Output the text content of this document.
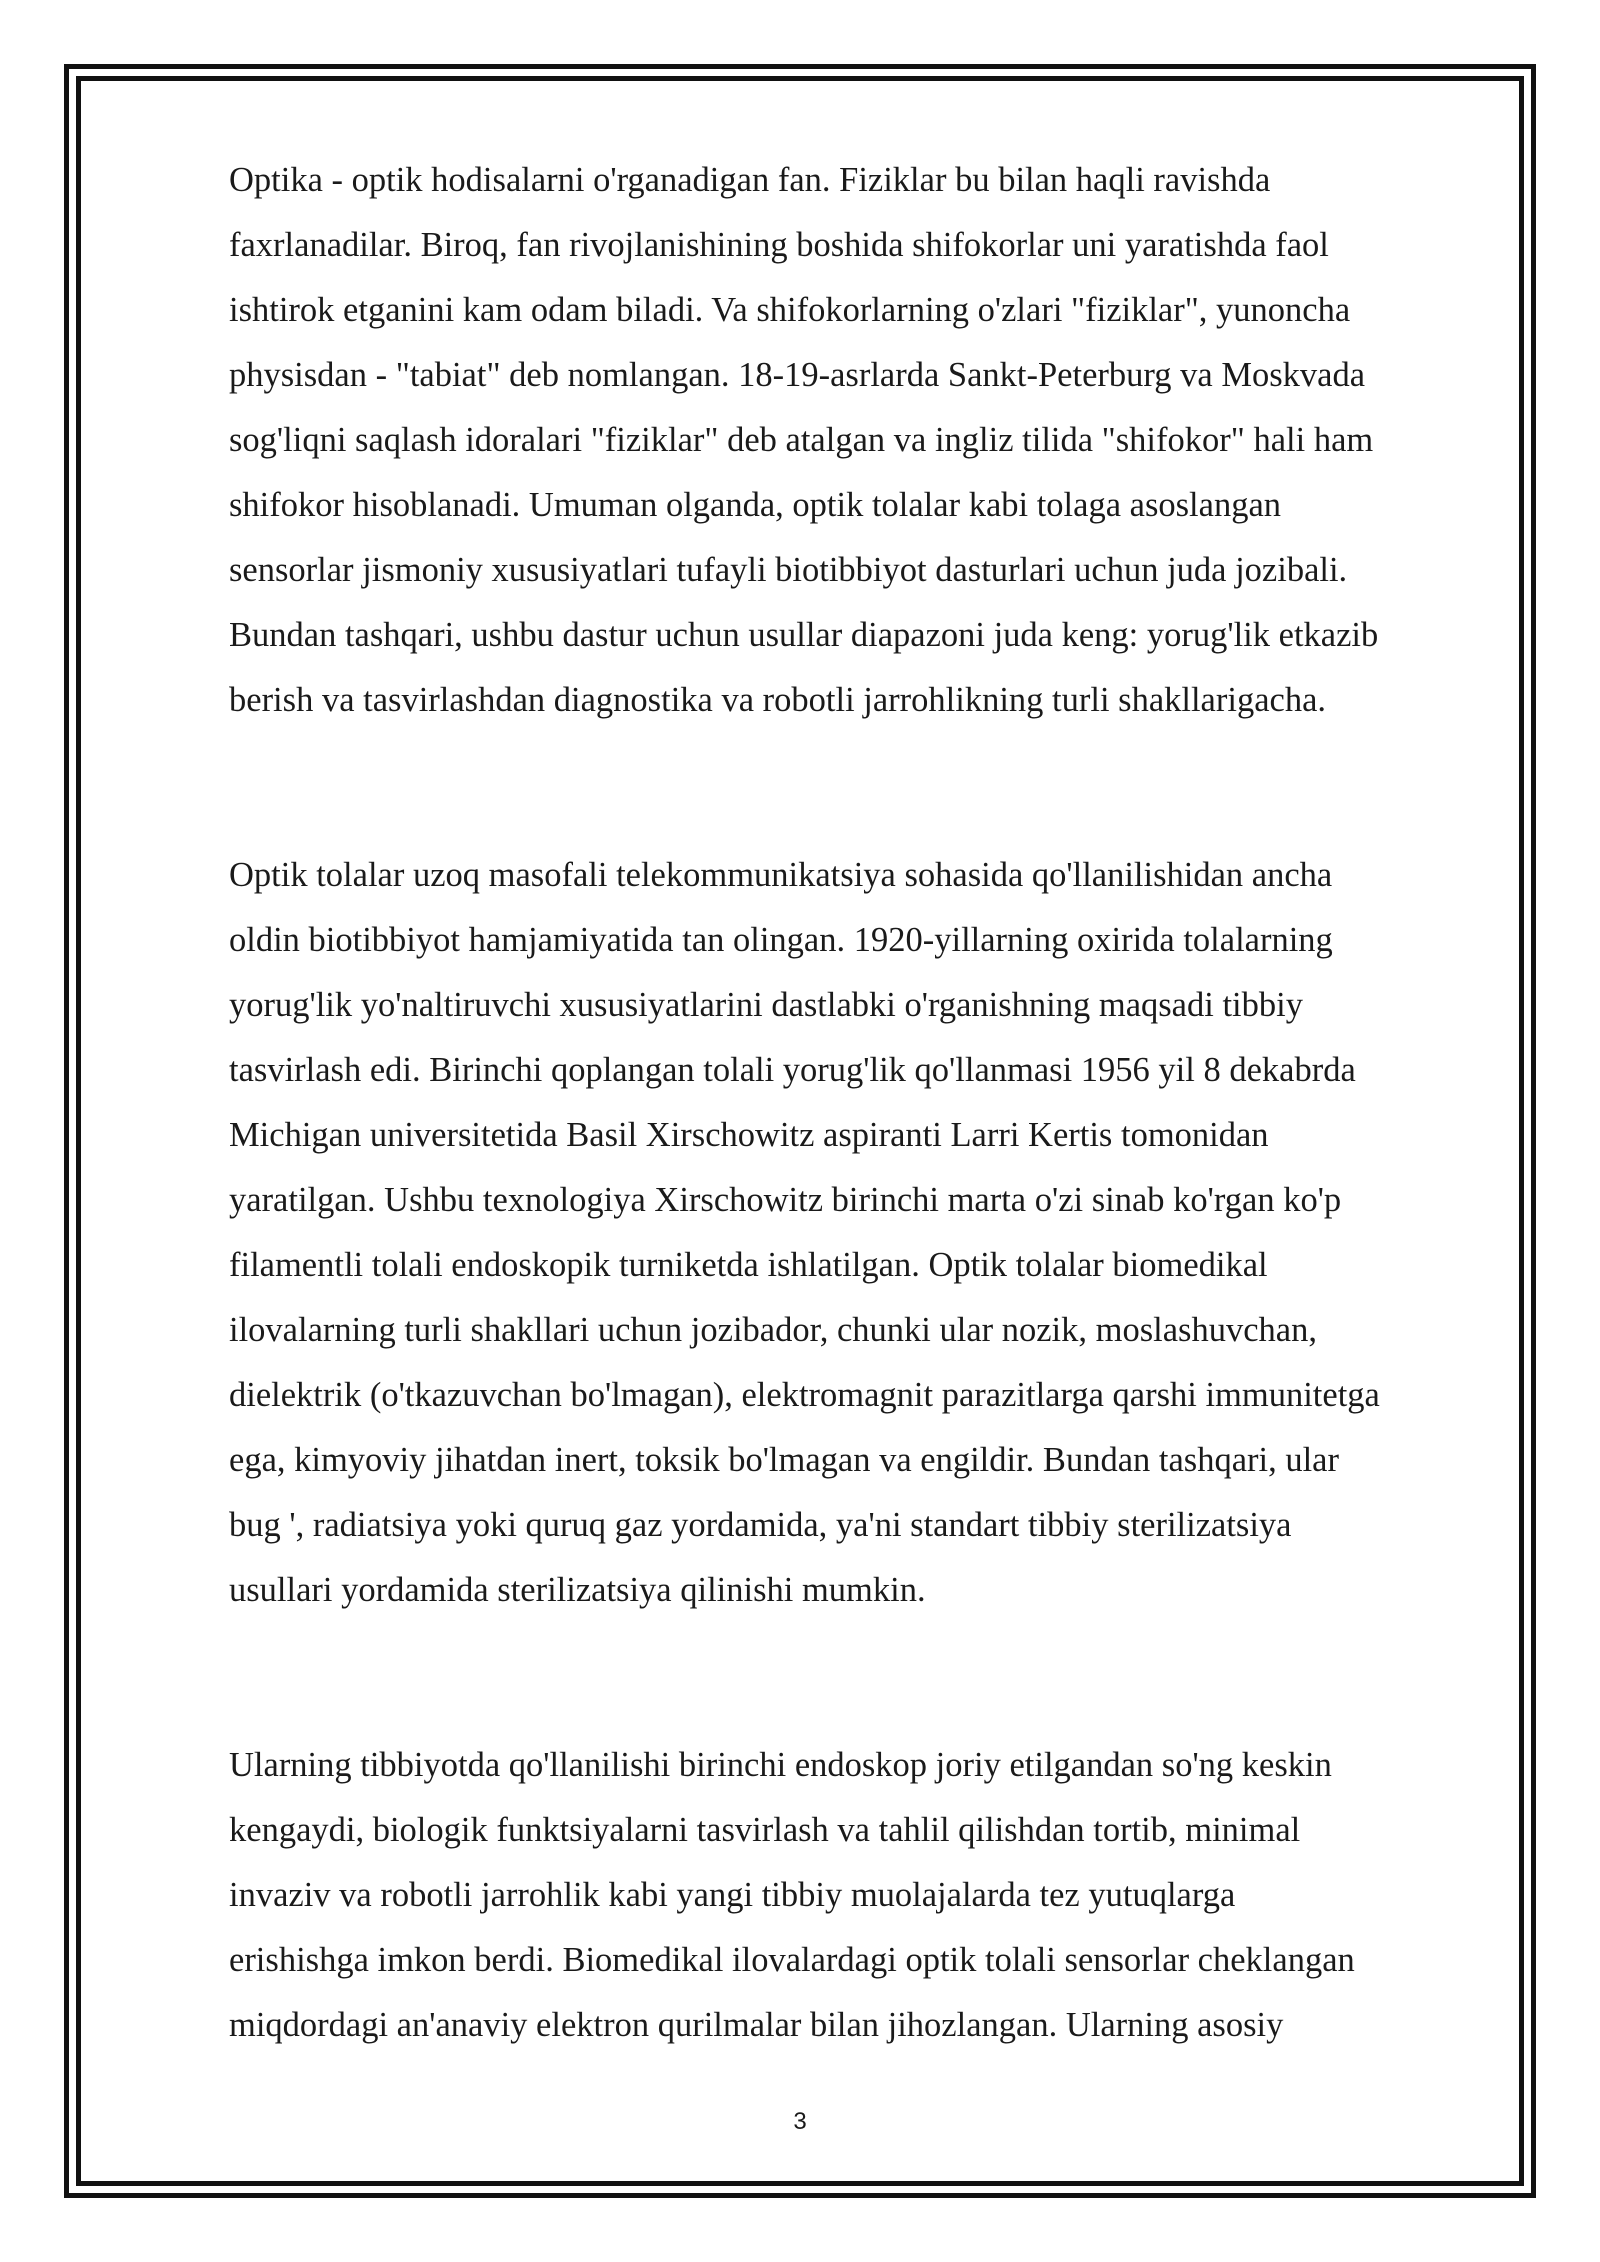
Optika - optik hodisalarni o'rganadigan fan. Fiziklar bu bilan haqli ravishda
faxrlanadilar. Biroq, fan rivojlanishining boshida shifokorlar uni yaratishda faol
ishtirok etganini kam odam biladi. Va shifokorlarning o'zlari "fiziklar", yunoncha
physisdan - "tabiat" deb nomlangan. 18-19-asrlarda Sankt-Peterburg va Moskvada
sog'liqni saqlash idoralari "fiziklar" deb atalgan va ingliz tilida "shifokor" hali ham
shifokor hisoblanadi. Umuman olganda, optik tolalar kabi tolaga asoslangan
sensorlar jismoniy xususiyatlari tufayli biotibbiyot dasturlari uchun juda jozibali.
Bundan tashqari, ushbu dastur uchun usullar diapazoni juda keng: yorug'lik etkazib
berish va tasvirlashdan diagnostika va robotli jarrohlikning turli shakllarigacha.

Optik tolalar uzoq masofali telekommunikatsiya sohasida qo'llanilishidan ancha
oldin biotibbiyot hamjamiyatida tan olingan. 1920-yillarning oxirida tolalarning
yorug'lik yo'naltiruvchi xususiyatlarini dastlabki o'rganishning maqsadi tibbiy
tasvirlash edi. Birinchi qoplangan tolali yorug'lik qo'llanmasi 1956 yil 8 dekabrda
Michigan universitetida Basil Xirschowitz aspiranti Larri Kertis tomonidan
yaratilgan. Ushbu texnologiya Xirschowitz birinchi marta o'zi sinab ko'rgan ko'p
filamentli tolali endoskopik turniketda ishlatilgan. Optik tolalar biomedikal
ilovalarning turli shakllari uchun jozibador, chunki ular nozik, moslashuvchan,
dielektrik (o'tkazuvchan bo'lmagan), elektromagnit parazitlarga qarshi immunitetga
ega, kimyoviy jihatdan inert, toksik bo'lmagan va engildir. Bundan tashqari, ular
bug ', radiatsiya yoki quruq gaz yordamida, ya'ni standart tibbiy sterilizatsiya
usullari yordamida sterilizatsiya qilinishi mumkin.

Ularning tibbiyotda qo'llanilishi birinchi endoskop joriy etilgandan so'ng keskin
kengaydi, biologik funktsiyalarni tasvirlash va tahlil qilishdan tortib, minimal
invaziv va robotli jarrohlik kabi yangi tibbiy muolajalarda tez yutuqlarga
erishishga imkon berdi. Biomedikal ilovalardagi optik tolali sensorlar cheklangan
miqdordagi an'anaviy elektron qurilmalar bilan jihozlangan. Ularning asosiy

3
